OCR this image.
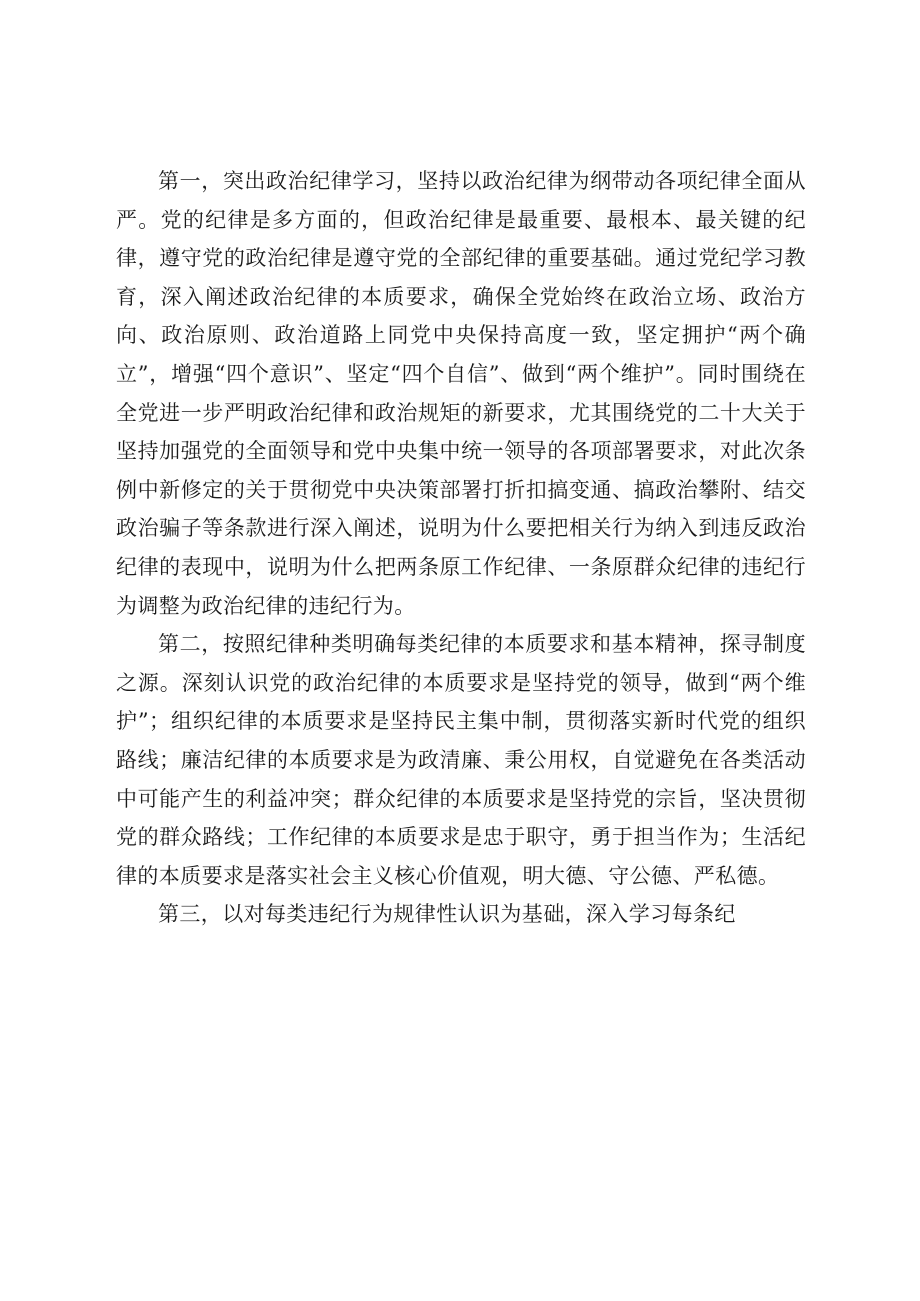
第一，突出政治纪律学习，坚持以政治纪律为纲带动各项纪律全面从严。党的纪律是多方面的，但政治纪律是最重要、最根本、最关键的纪律，遵守党的政治纪律是遵守党的全部纪律的重要基础。通过党纪学习教育，深入阐述政治纪律的本质要求，确保全党始终在政治立场、政治方向、政治原则、政治道路上同党中央保持高度一致，坚定拥护“两个确立”，增强“四个意识”、坚定“四个自信”、做到“两个维护”。同时围绕在全党进一步严明政治纪律和政治规矩的新要求，尤其围绕党的二十大关于坚持加强党的全面领导和党中央集中统一领导的各项部署要求，对此次条例中新修定的关于贯彻党中央决策部署打折扣搞变通、搞政治攀附、结交政治骗子等条款进行深入阐述，说明为什么要把相关行为纳入到违反政治纪律的表现中，说明为什么把两条原工作纪律、一条原群众纪律的违纪行为调整为政治纪律的违纪行为。

第二，按照纪律种类明确每类纪律的本质要求和基本精神，探寻制度之源。深刻认识党的政治纪律的本质要求是坚持党的领导，做到“两个维护”；组织纪律的本质要求是坚持民主集中制，贯彻落实新时代党的组织路线；廉洁纪律的本质要求是为政清廉、秉公用权，自觉避免在各类活动中可能产生的利益冲突；群众纪律的本质要求是坚持党的宗旨，坚决贯彻党的群众路线；工作纪律的本质要求是忠于职守，勇于担当作为；生活纪律的本质要求是落实社会主义核心价值观，明大德、守公德、严私德。

第三，以对每类违纪行为规律性认识为基础，深入学习每条纪
